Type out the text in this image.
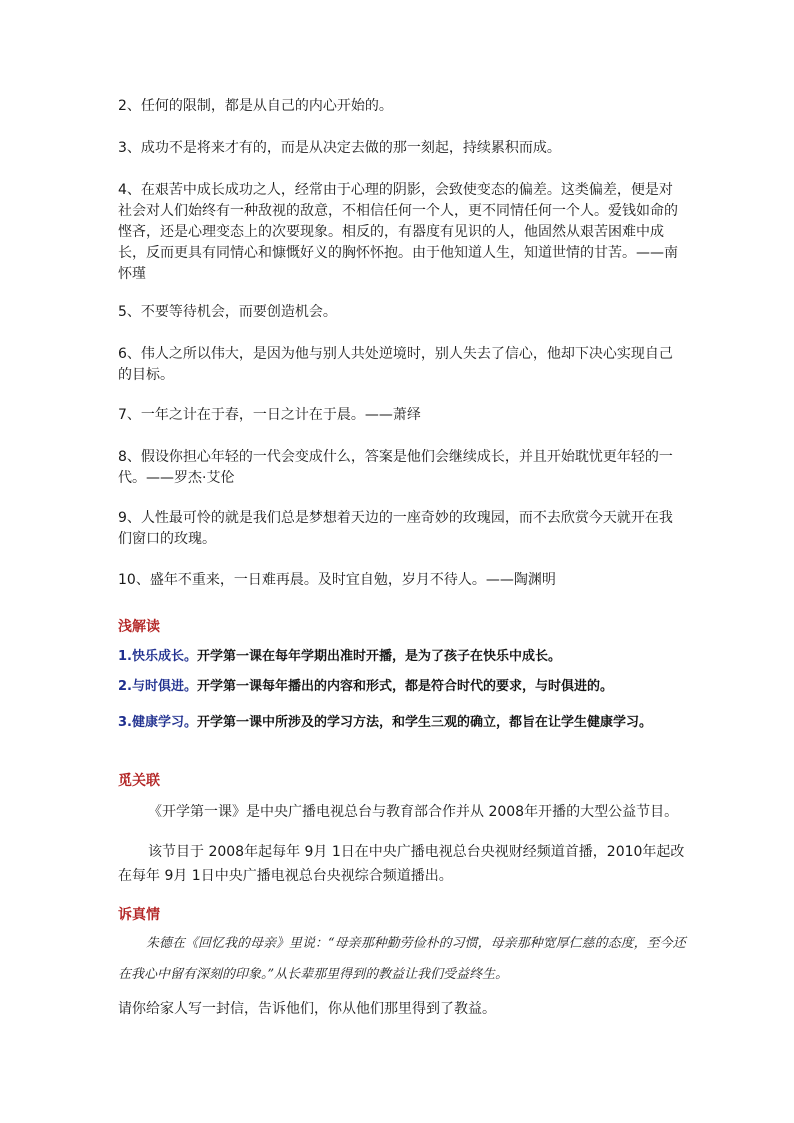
2、任何的限制，都是从自己的内心开始的。

3、成功不是将来才有的，而是从决定去做的那一刻起，持续累积而成。

4、在艰苦中成长成功之人，经常由于心理的阴影，会致使变态的偏差。这类偏差，便是对社会对人们始终有一种敌视的敌意，不相信任何一个人，更不同情任何一个人。爱钱如命的悭吝，还是心理变态上的次要现象。相反的，有器度有见识的人，他固然从艰苦困难中成长，反而更具有同情心和慷慨好义的胸怀怀抱。由于他知道人生，知道世情的甘苦。——南怀瑾

5、不要等待机会，而要创造机会。

6、伟人之所以伟大，是因为他与别人共处逆境时，别人失去了信心，他却下决心实现自己的目标。

7、一年之计在于春，一日之计在于晨。——萧绎

8、假设你担心年轻的一代会变成什么，答案是他们会继续成长，并且开始耽忧更年轻的一代。——罗杰·艾伦

9、人性最可怜的就是我们总是梦想着天边的一座奇妙的玫瑰园，而不去欣赏今天就开在我们窗口的玫瑰。

10、盛年不重来，一日难再晨。及时宜自勉，岁月不待人。——陶渊明

浅解读

1.快乐成长。开学第一课在每年学期出准时开播，是为了孩子在快乐中成长。

2.与时俱进。开学第一课每年播出的内容和形式，都是符合时代的要求，与时俱进的。

3.健康学习。开学第一课中所涉及的学习方法，和学生三观的确立，都旨在让学生健康学习。

觅关联

《开学第一课》是中央广播电视总台与教育部合作并从 2008年开播的大型公益节目。

该节目于 2008年起每年 9月 1日在中央广播电视总台央视财经频道首播，2010年起改在每年 9月 1日中央广播电视总台央视综合频道播出。

诉真情

朱德在《回忆我的母亲》里说：“母亲那种勤劳俭朴的习惯，母亲那种宽厚仁慈的态度，至今还在我心中留有深刻的印象。”从长辈那里得到的教益让我们受益终生。

请你给家人写一封信，告诉他们，你从他们那里得到了教益。
